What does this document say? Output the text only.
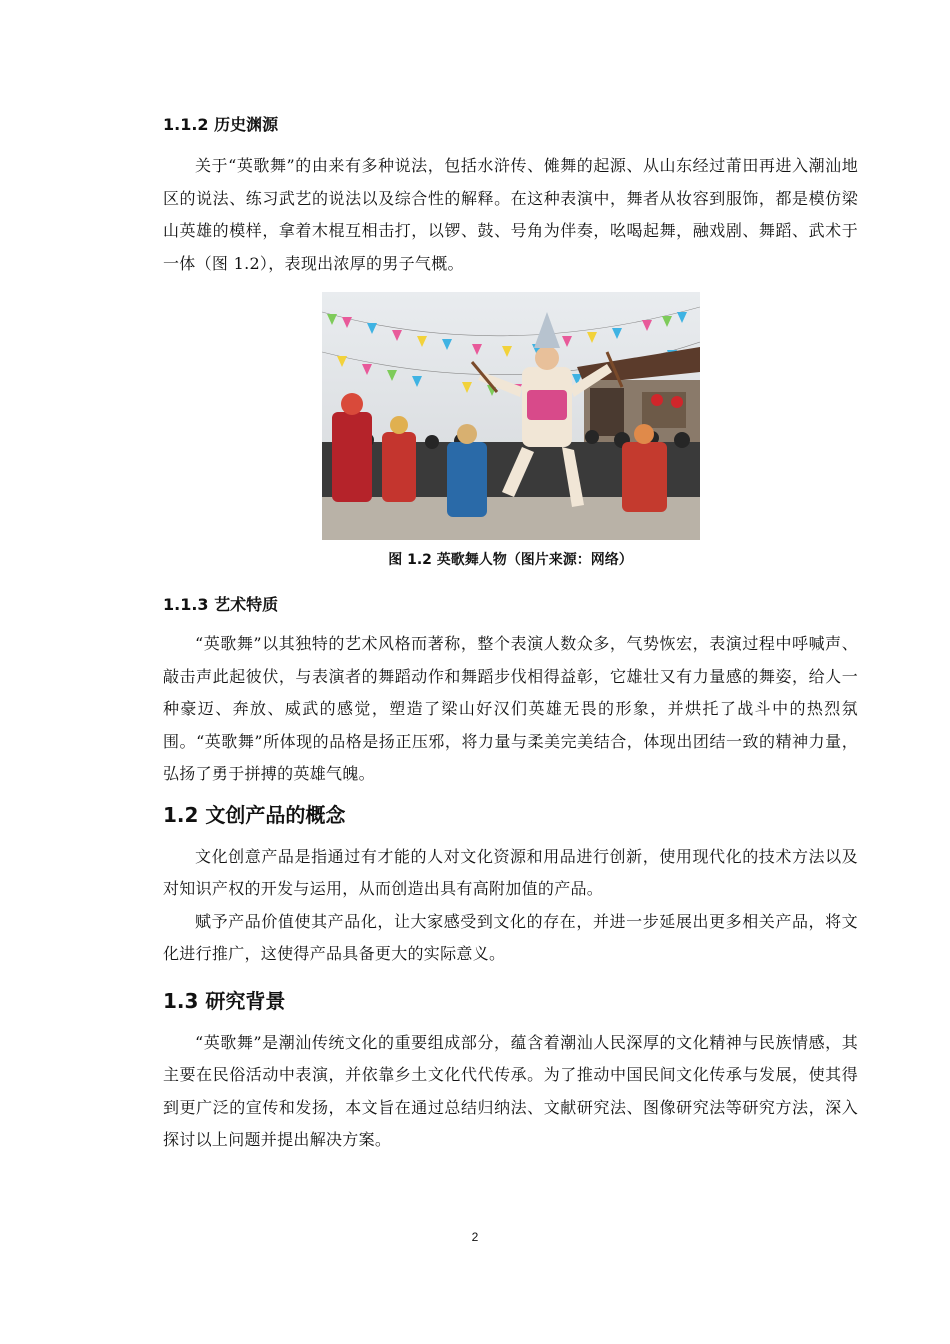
1.1.2 历史渊源

关于“英歌舞”的由来有多种说法，包括水浒传、傩舞的起源、从山东经过莆田再进入潮汕地区的说法、练习武艺的说法以及综合性的解释。在这种表演中，舞者从妆容到服饰，都是模仿梁山英雄的模样，拿着木棍互相击打，以锣、鼓、号角为伴奏，吆喝起舞，融戏剧、舞蹈、武术于一体（图 1.2），表现出浓厚的男子气概。

图 1.2 英歌舞人物（图片来源：网络）
1.1.3 艺术特质

“英歌舞”以其独特的艺术风格而著称，整个表演人数众多，气势恢宏，表演过程中呼喊声、敲击声此起彼伏，与表演者的舞蹈动作和舞蹈步伐相得益彰，它雄壮又有力量感的舞姿，给人一种豪迈、奔放、威武的感觉，塑造了梁山好汉们英雄无畏的形象，并烘托了战斗中的热烈氛围。“英歌舞”所体现的品格是扬正压邪，将力量与柔美完美结合，体现出团结一致的精神力量，弘扬了勇于拼搏的英雄气魄。

1.2 文创产品的概念

文化创意产品是指通过有才能的人对文化资源和用品进行创新，使用现代化的技术方法以及对知识产权的开发与运用，从而创造出具有高附加值的产品。

赋予产品价值使其产品化，让大家感受到文化的存在，并进一步延展出更多相关产品，将文化进行推广，这使得产品具备更大的实际意义。

1.3 研究背景

“英歌舞”是潮汕传统文化的重要组成部分，蕴含着潮汕人民深厚的文化精神与民族情感，其主要在民俗活动中表演，并依靠乡土文化代代传承。为了推动中国民间文化传承与发展，使其得到更广泛的宣传和发扬，本文旨在通过总结归纳法、文献研究法、图像研究法等研究方法，深入探讨以上问题并提出解决方案。

2
